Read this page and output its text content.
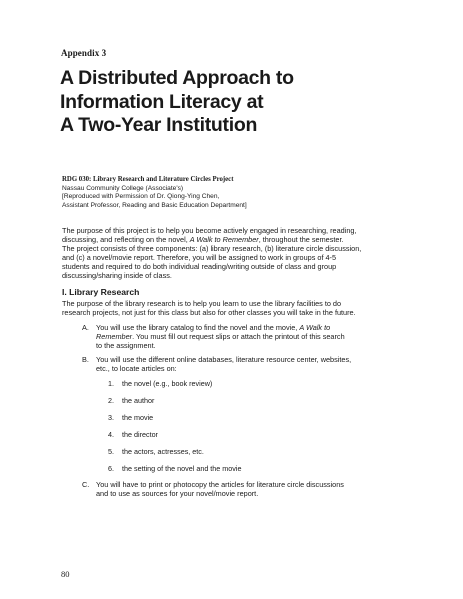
Appendix 3
A Distributed Approach to
Information Literacy at
A Two-Year Institution
RDG 030: Library Research and Literature Circles Project
Nassau Community College (Associate's)
[Reproduced with Permission of Dr. Qiong-Ying Chen,
Assistant Professor, Reading and Basic Education Department]
The purpose of this project is to help you become actively engaged in researching, reading,
discussing, and reflecting on the novel, A Walk to Remember, throughout the semester.
The project consists of three components: (a) library research, (b) literature circle discussion,
and (c) a novel/movie report. Therefore, you will be assigned to work in groups of 4-5
students and required to do both individual reading/writing outside of class and group
discussing/sharing inside of class.
I. Library Research
The purpose of the library research is to help you learn to use the library facilities to do
research projects, not just for this class but also for other classes you will take in the future.
A. You will use the library catalog to find the novel and the movie, A Walk to
Remember. You must fill out request slips or attach the printout of this search
to the assignment.
B. You will use the different online databases, literature resource center, websites,
etc., to locate articles on:
1. the novel (e.g., book review)
2. the author
3. the movie
4. the director
5. the actors, actresses, etc.
6. the setting of the novel and the movie
C. You will have to print or photocopy the articles for literature circle discussions
and to use as sources for your novel/movie report.
80
